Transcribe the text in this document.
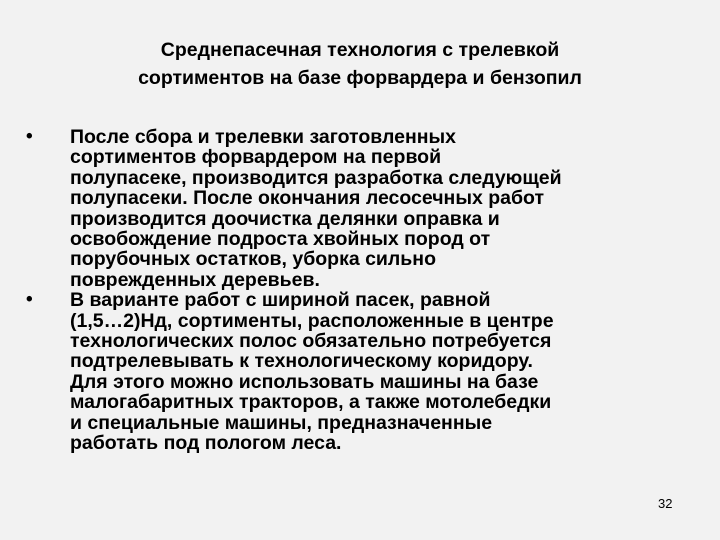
Среднепасечная технология с трелевкой
сортиментов на базе форвардера и бензопил
• После сбора и трелевки заготовленных
сортиментов форвардером на первой
полупасеке, производится разработка следующей
полупасеки. После окончания лесосечных работ
производится доочистка делянки оправка и
освобождение подроста хвойных пород от
порубочных остатков, уборка сильно
поврежденных деревьев.
• В варианте работ с шириной пасек, равной
(1,5…2)Нд, сортименты, расположенные в центре
технологических полос обязательно потребуется
подтрелевывать к технологическому коридору.
Для этого можно использовать машины на базе
малогабаритных тракторов, а также мотолебедки
и специальные машины, предназначенные
работать под пологом леса.
32
